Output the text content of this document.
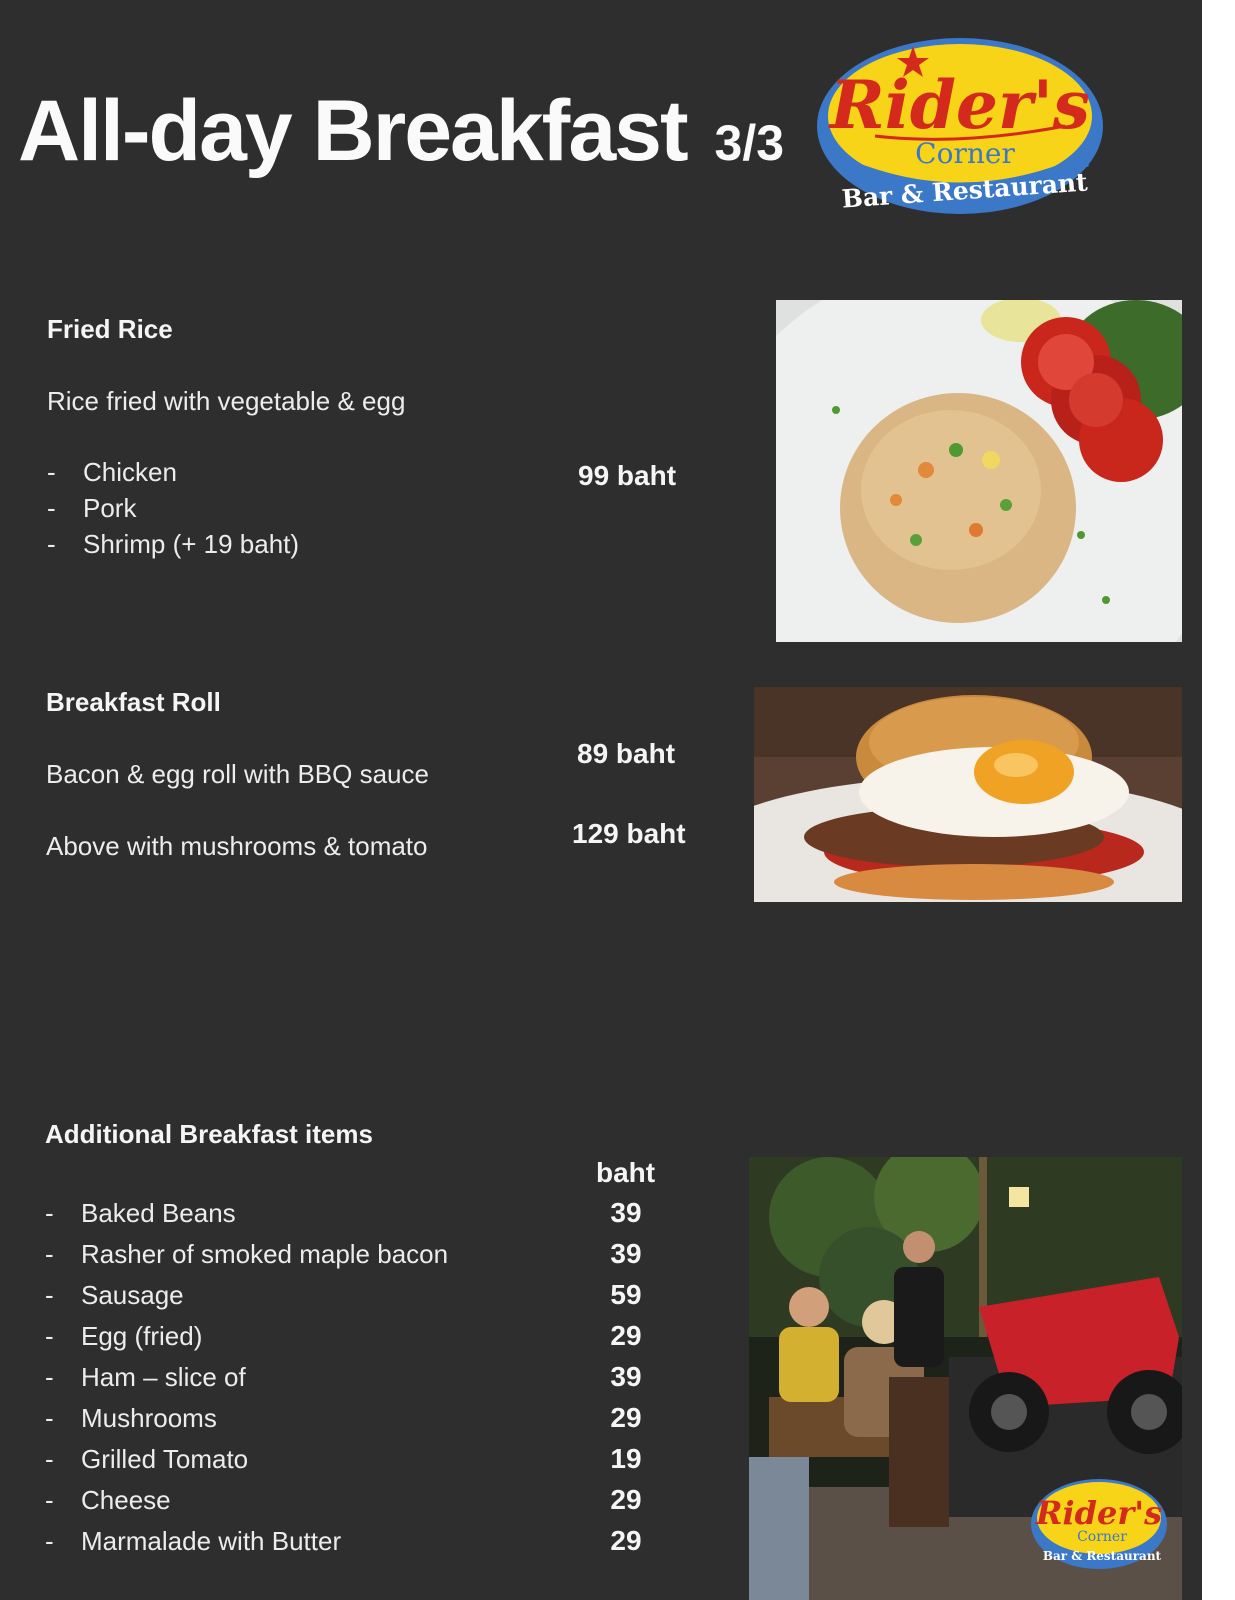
All-day Breakfast 3/3 Rider's
Corner
Bar & Restaurant
Fried Rice
Rice fried with vegetable & egg
- Chicken
- Pork
- Shrimp (+ 19 baht)
99 baht
Breakfast Roll
Bacon & egg roll with BBQ sauce
89 baht
Above with mushrooms & tomato	129 baht
Additional Breakfast items
baht
- Baked Beans
- Rasher of smoked maple bacon
- Sausage
- Egg (fried)
- Ham – slice of
- Mushrooms
- Grilled Tomato
- Cheese
- Marmalade with Butter
39
39
59
29
39
29
19
29
29
Rider's
Corner
Bar & Restaurant
